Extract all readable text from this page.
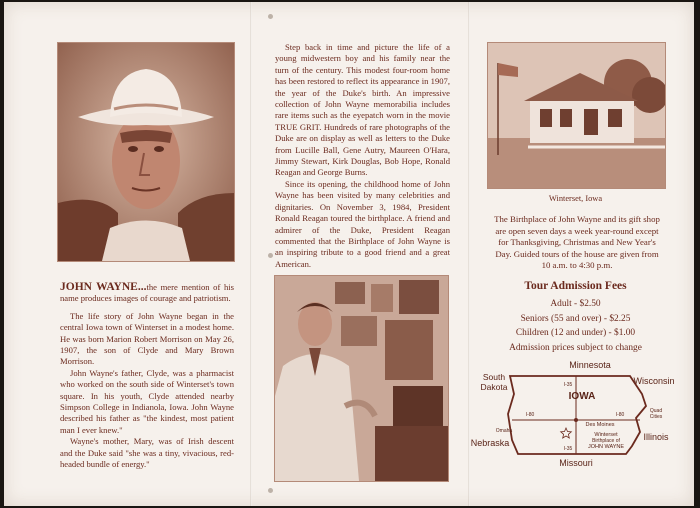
JOHN WAYNE...the mere mention of his name produces images of courage and patriotism.

The life story of John Wayne began in the central Iowa town of Winterset in a modest home. He was born Marion Robert Morrison on May 26, 1907, the son of Clyde and Mary Brown Morrison.

John Wayne's father, Clyde, was a pharmacist who worked on the south side of Winterset's town square. In his youth, Clyde attended nearby Simpson College in Indianola, Iowa. John Wayne described his father as "the kindest, most patient man I ever knew."

Wayne's mother, Mary, was of Irish descent and the Duke said "she was a tiny, vivacious, red-headed bundle of energy."

Step back in time and picture the life of a young midwestern boy and his family near the turn of the century. This modest four-room home has been restored to reflect its appearance in 1907, the year of the Duke's birth. An impressive collection of John Wayne memorabilia includes rare items such as the eyepatch worn in the movie TRUE GRIT. Hundreds of rare photographs of the Duke are on display as well as letters to the Duke from Lucille Ball, Gene Autry, Maureen O'Hara, Jimmy Stewart, Kirk Douglas, Bob Hope, Ronald Reagan and George Burns.

Since its opening, the childhood home of John Wayne has been visited by many celebrities and dignitaries. On November 3, 1984, President Ronald Reagan toured the birthplace. A friend and admirer of the Duke, President Reagan commented that the Birthplace of John Wayne is an inspiring tribute to a good friend and a great American.

Winterset, Iowa
The Birthplace of John Wayne and its gift shop are open seven days a week year-round except for Thanksgiving, Christmas and New Year's Day. Guided tours of the house are given from 10 a.m. to 4:30 p.m.
Tour Admission Fees
Adult - $2.50
Seniors (55 and over) - $2.25
Children (12 and under) - $1.00
Admission prices subject to change
Minnesota
South
Dakota
Wisconsin
Nebraska
Illinois
Missouri
IOWA
I-35
I-80	I-80
I-35
Des Moines
Quad
Cities
Omaha
Winterset
Birthplace of
JOHN WAYNE
